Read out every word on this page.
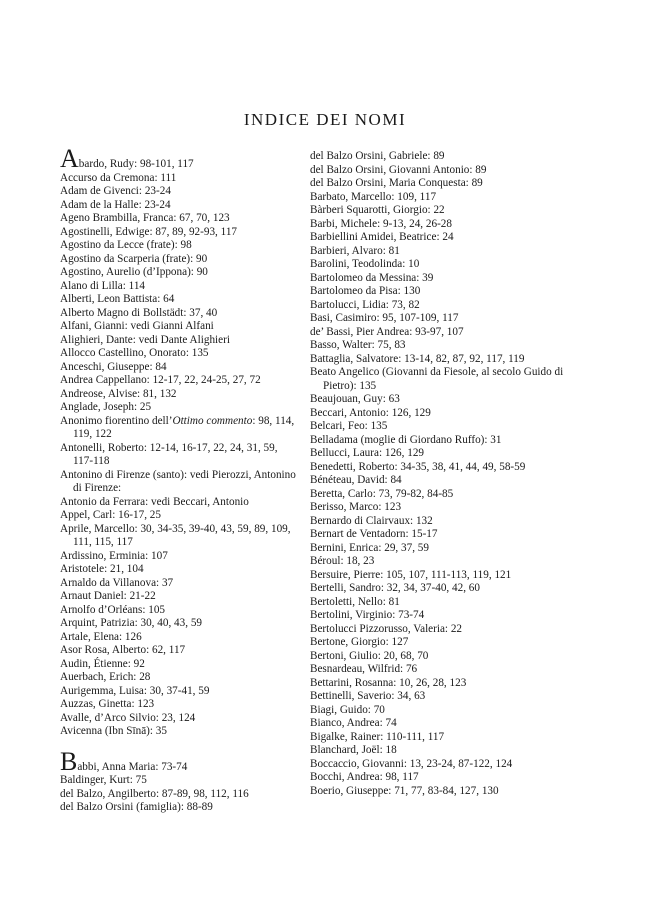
INDICE DEI NOMI
Abardo, Rudy: 98-101, 117
Accurso da Cremona: 111
Adam de Givenci: 23-24
Adam de la Halle: 23-24
Ageno Brambilla, Franca: 67, 70, 123
Agostinelli, Edwige: 87, 89, 92-93, 117
Agostino da Lecce (frate): 98
Agostino da Scarperia (frate): 90
Agostino, Aurelio (d’Ippona): 90
Alano di Lilla: 114
Alberti, Leon Battista: 64
Alberto Magno di Bollstädt: 37, 40
Alfani, Gianni: vedi Gianni Alfani
Alighieri, Dante: vedi Dante Alighieri
Allocco Castellino, Onorato: 135
Anceschi, Giuseppe: 84
Andrea Cappellano: 12-17, 22, 24-25, 27, 72
Andreose, Alvise: 81, 132
Anglade, Joseph: 25
Anonimo fiorentino dell’Ottimo commento: 98, 114, 119, 122
Antonelli, Roberto: 12-14, 16-17, 22, 24, 31, 59, 117-118
Antonino di Firenze (santo): vedi Pierozzi, Antonino di Firenze:
Antonio da Ferrara: vedi Beccari, Antonio
Appel, Carl: 16-17, 25
Aprile, Marcello: 30, 34-35, 39-40, 43, 59, 89, 109, 111, 115, 117
Ardissino, Erminia: 107
Aristotele: 21, 104
Arnaldo da Villanova: 37
Arnaut Daniel: 21-22
Arnolfo d’Orléans: 105
Arquint, Patrizia: 30, 40, 43, 59
Artale, Elena: 126
Asor Rosa, Alberto: 62, 117
Audin, Étienne: 92
Auerbach, Erich: 28
Aurigemma, Luisa: 30, 37-41, 59
Auzzas, Ginetta: 123
Avalle, d’Arco Silvio: 23, 124
Avicenna (Ibn Sīnā): 35
Babbi, Anna Maria: 73-74
Baldinger, Kurt: 75
del Balzo, Angilberto: 87-89, 98, 112, 116
del Balzo Orsini (famiglia): 88-89
del Balzo Orsini, Gabriele: 89
del Balzo Orsini, Giovanni Antonio: 89
del Balzo Orsini, Maria Conquesta: 89
Barbato, Marcello: 109, 117
Bàrberi Squarotti, Giorgio: 22
Barbi, Michele: 9-13, 24, 26-28
Barbiellini Amidei, Beatrice: 24
Barbieri, Alvaro: 81
Barolini, Teodolinda: 10
Bartolomeo da Messina: 39
Bartolomeo da Pisa: 130
Bartolucci, Lidia: 73, 82
Basi, Casimiro: 95, 107-109, 117
de’ Bassi, Pier Andrea: 93-97, 107
Basso, Walter: 75, 83
Battaglia, Salvatore: 13-14, 82, 87, 92, 117, 119
Beato Angelico (Giovanni da Fiesole, al secolo Guido di Pietro): 135
Beaujouan, Guy: 63
Beccari, Antonio: 126, 129
Belcari, Feo: 135
Belladama (moglie di Giordano Ruffo): 31
Bellucci, Laura: 126, 129
Benedetti, Roberto: 34-35, 38, 41, 44, 49, 58-59
Bénéteau, David: 84
Beretta, Carlo: 73, 79-82, 84-85
Berisso, Marco: 123
Bernardo di Clairvaux: 132
Bernart de Ventadorn: 15-17
Bernini, Enrica: 29, 37, 59
Béroul: 18, 23
Bersuire, Pierre: 105, 107, 111-113, 119, 121
Bertelli, Sandro: 32, 34, 37-40, 42, 60
Bertoletti, Nello: 81
Bertolini, Virginio: 73-74
Bertolucci Pizzorusso, Valeria: 22
Bertone, Giorgio: 127
Bertoni, Giulio: 20, 68, 70
Besnardeau, Wilfrid: 76
Bettarini, Rosanna: 10, 26, 28, 123
Bettinelli, Saverio: 34, 63
Biagi, Guido: 70
Bianco, Andrea: 74
Bigalke, Rainer: 110-111, 117
Blanchard, Joël: 18
Boccaccio, Giovanni: 13, 23-24, 87-122, 124
Bocchi, Andrea: 98, 117
Boerio, Giuseppe: 71, 77, 83-84, 127, 130
